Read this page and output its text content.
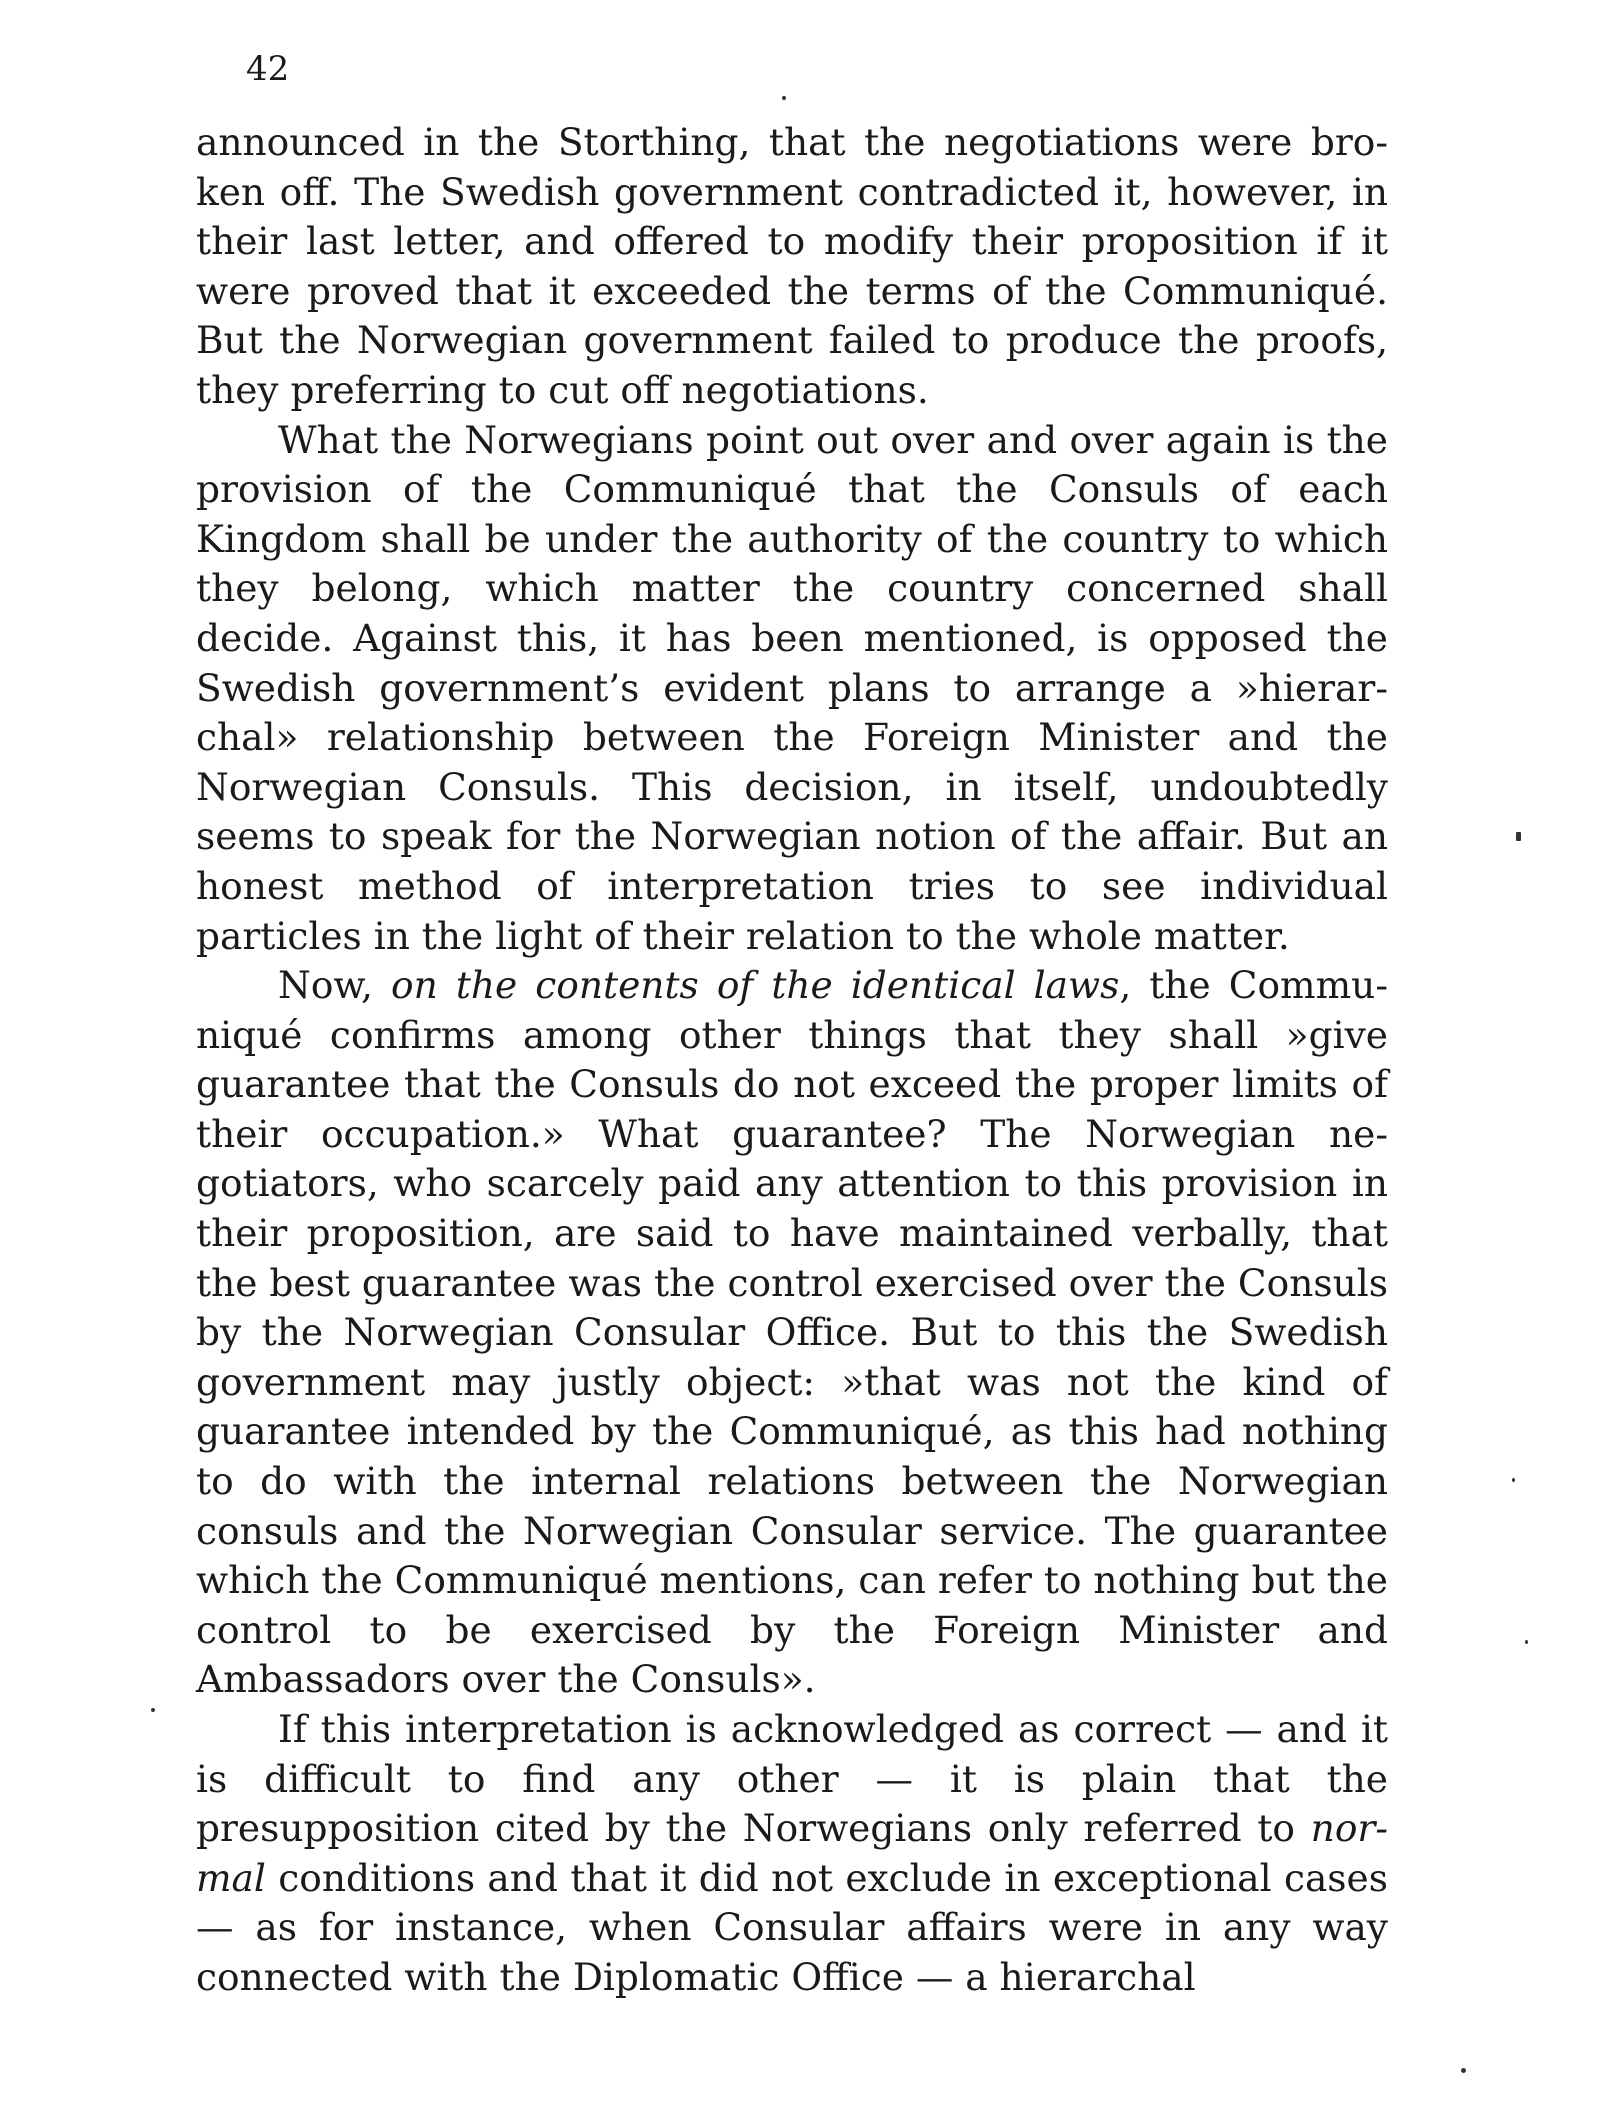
42

announced in the Storthing, that the negotiations were broken off. The Swedish government contradicted it, however, in their last letter, and offered to modify their proposition if it were proved that it exceeded the terms of the Communiqué. But the Norwegian government failed to produce the proofs, they preferring to cut off negotiations.

What the Norwegians point out over and over again is the provision of the Communiqué that the Consuls of each Kingdom shall be under the authority of the country to which they belong, which matter the country concerned shall decide. Against this, it has been mentioned, is opposed the Swedish government’s evident plans to arrange a »hierarchal» relationship between the Foreign Minister and the Norwegian Consuls. This decision, in itself, undoubtedly seems to speak for the Norwegian notion of the affair. But an honest method of interpretation tries to see individual particles in the light of their relation to the whole matter.

Now, on the contents of the identical laws, the Communiqué confirms among other things that they shall »give guarantee that the Consuls do not exceed the proper limits of their occupation.» What guarantee? The Norwegian negotiators, who scarcely paid any attention to this provision in their proposition, are said to have maintained verbally, that the best guarantee was the control exercised over the Consuls by the Norwegian Consular Office. But to this the Swedish government may justly object: »that was not the kind of guarantee intended by the Communiqué, as this had nothing to do with the internal relations between the Norwegian consuls and the Norwegian Consular service. The guarantee which the Communiqué mentions, can refer to nothing but the control to be exercised by the Foreign Minister and Ambassadors over the Consuls».

If this interpretation is acknowledged as correct — and it is difficult to find any other — it is plain that the presupposition cited by the Norwegians only referred to normal conditions and that it did not exclude in exceptional cases — as for instance, when Consular affairs were in any way connected with the Diplomatic Office — a hierarchal
